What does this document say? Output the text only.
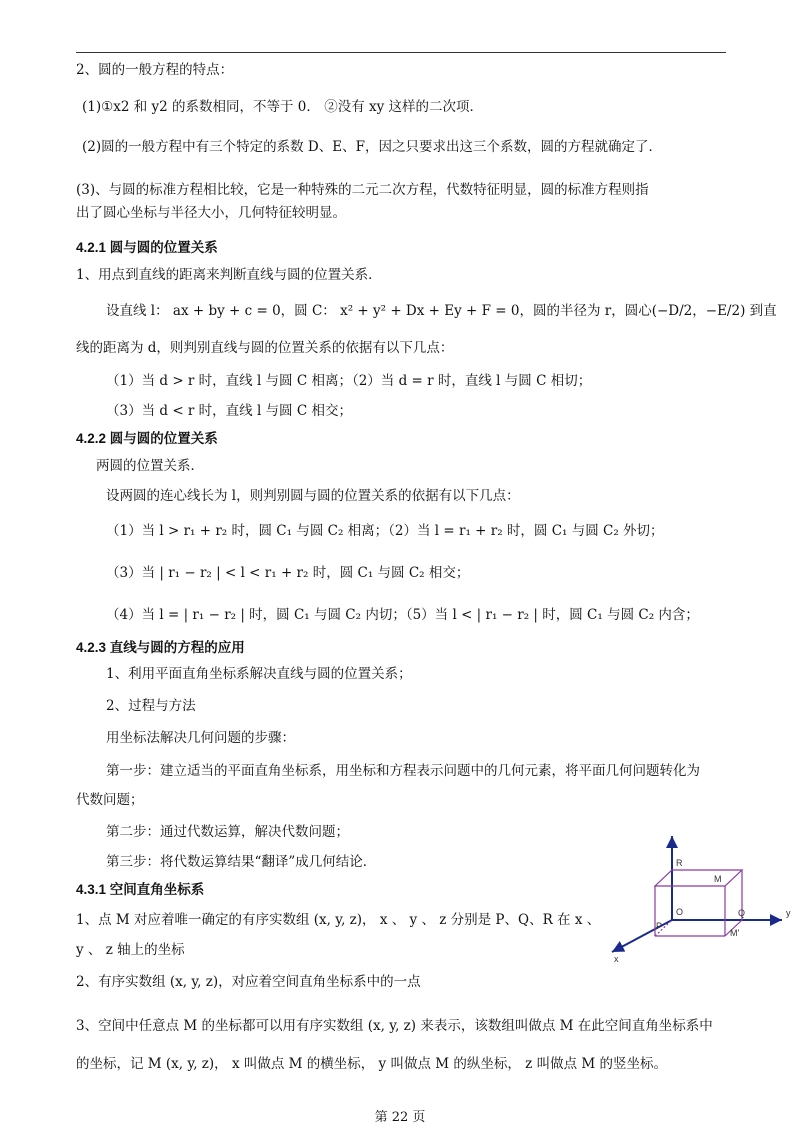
2、圆的一般方程的特点：
(1)①x2 和 y2 的系数相同，不等于 0． ②没有 xy 这样的二次项．
(2)圆的一般方程中有三个特定的系数 D、E、F，因之只要求出这三个系数，圆的方程就确定了．
(3)、与圆的标准方程相比较，它是一种特殊的二元二次方程，代数特征明显，圆的标准方程则指
出了圆心坐标与半径大小，几何特征较明显。
4.2.1 圆与圆的位置关系
1、用点到直线的距离来判断直线与圆的位置关系．
设直线 l： ax + by + c = 0，圆 C： x² + y² + Dx + Ey + F = 0，圆的半径为 r，圆心(−D/2，−E/2) 到直
线的距离为 d，则判别直线与圆的位置关系的依据有以下几点：
（1）当 d > r 时，直线 l 与圆 C 相离；（2）当 d = r 时，直线 l 与圆 C 相切；
（3）当 d < r 时，直线 l 与圆 C 相交；
4.2.2 圆与圆的位置关系
两圆的位置关系．
设两圆的连心线长为 l，则判别圆与圆的位置关系的依据有以下几点：
（1）当 l > r₁ + r₂ 时，圆 C₁ 与圆 C₂ 相离；（2）当 l = r₁ + r₂ 时，圆 C₁ 与圆 C₂ 外切；
（3）当 | r₁ − r₂ | < l < r₁ + r₂ 时，圆 C₁ 与圆 C₂ 相交；
（4）当 l = | r₁ − r₂ | 时，圆 C₁ 与圆 C₂ 内切；（5）当 l < | r₁ − r₂ | 时，圆 C₁ 与圆 C₂ 内含；
4.2.3 直线与圆的方程的应用
1、利用平面直角坐标系解决直线与圆的位置关系；
2、过程与方法
用坐标法解决几何问题的步骤：
第一步：建立适当的平面直角坐标系，用坐标和方程表示问题中的几何元素，将平面几何问题转化为
代数问题；
第二步：通过代数运算，解决代数问题；
第三步：将代数运算结果“翻译”成几何结论．
4.3.1 空间直角坐标系
1、点 M 对应着唯一确定的有序实数组 (x, y, z)， x 、 y 、 z 分别是 P、Q、R 在 x 、
y 、 z 轴上的坐标
2、有序实数组 (x, y, z)，对应着空间直角坐标系中的一点
3、空间中任意点 M 的坐标都可以用有序实数组 (x, y, z) 来表示，该数组叫做点 M 在此空间直角坐标系中
的坐标，记 M (x, y, z)， x 叫做点 M 的横坐标， y 叫做点 M 的纵坐标， z 叫做点 M 的竖坐标。
R
M
O	Q	y
P
M'
x
第 22 页
